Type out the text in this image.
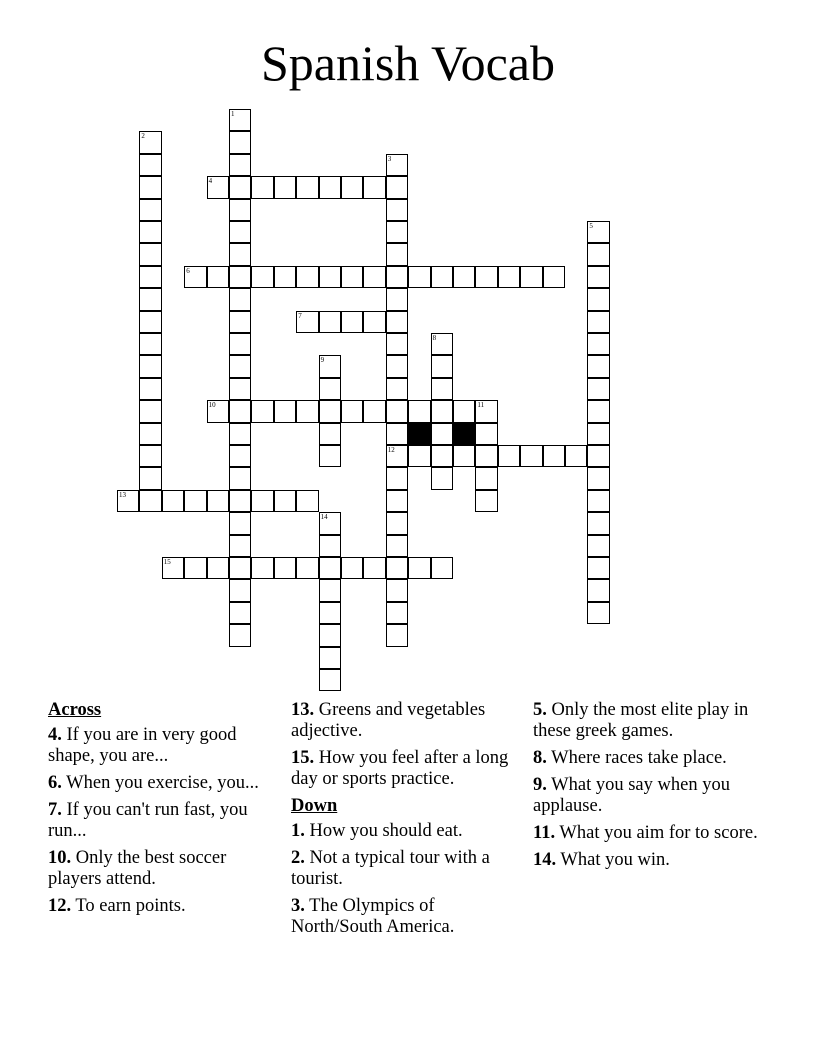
Spanish Vocab
4
6
7
10	11
12
13
15
1
2
3
5
8
9
14
Across
4. If you are in very good shape, you are...
6. When you exercise, you...
7. If you can't run fast, you run...
10. Only the best soccer players attend.
12. To earn points.
13. Greens and vegetables adjective.
15. How you feel after a long day or sports practice.
Down
1. How you should eat.
2. Not a typical tour with a tourist.
3. The Olympics of North/South America.
5. Only the most elite play in these greek games.
8. Where races take place.
9. What you say when you applause.
11. What you aim for to score.
14. What you win.
